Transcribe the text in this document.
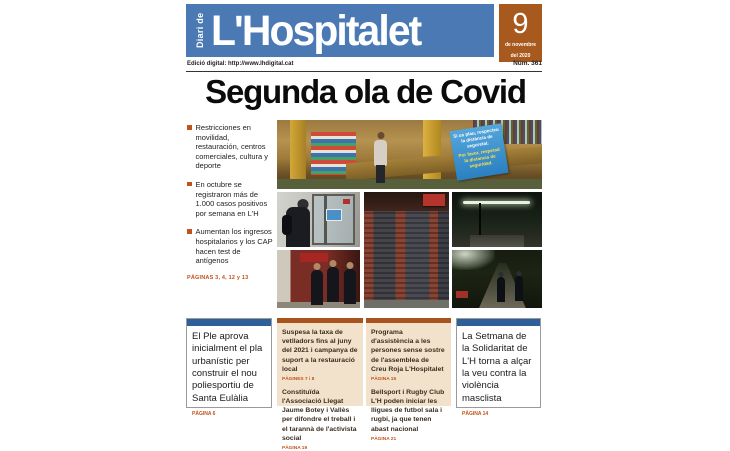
Diari de L'Hospitalet	9
de novembre
del 2020
Edició digital: http://www.lhdigital.cat	Núm. 361
Segunda ola de Covid
Restricciones en movilidad, restauración, centros comerciales, cultura y deporte
En octubre se registraron más de 1.000 casos positivos por semana en L'H
Aumentan los ingresos hospitalarios y los CAP hacen test de antígenos
PÁGINAS 3, 4, 12 y 13
Si us plau, respecteu la distància de seguretat.
Por favor, respetad la distancia de seguridad.
El Ple aprova inicialment el pla urbanístic per construir el nou poliesportiu de Santa Eulàlia
PÀGINA 6
Suspesa la taxa de vetlladors fins al juny del 2021 i campanya de suport a la restauració local
PÀGINES 7 i 8
Constituïda l'Associació Llegat Jaume Botey i Vallès per difondre el treball i el tarannà de l'activista social
PÀGINA 19
Programa d'assistència a les persones sense sostre de l'assemblea de Creu Roja L'Hospitalet
PÀGINA 15
Bellsport i Rugby Club L'H poden iniciar les lligues de futbol sala i rugbi, ja que tenen abast nacional
PÀGINA 21
La Setmana de la Solidaritat de L'H torna a alçar la veu contra la violència masclista
PÀGINA 14
